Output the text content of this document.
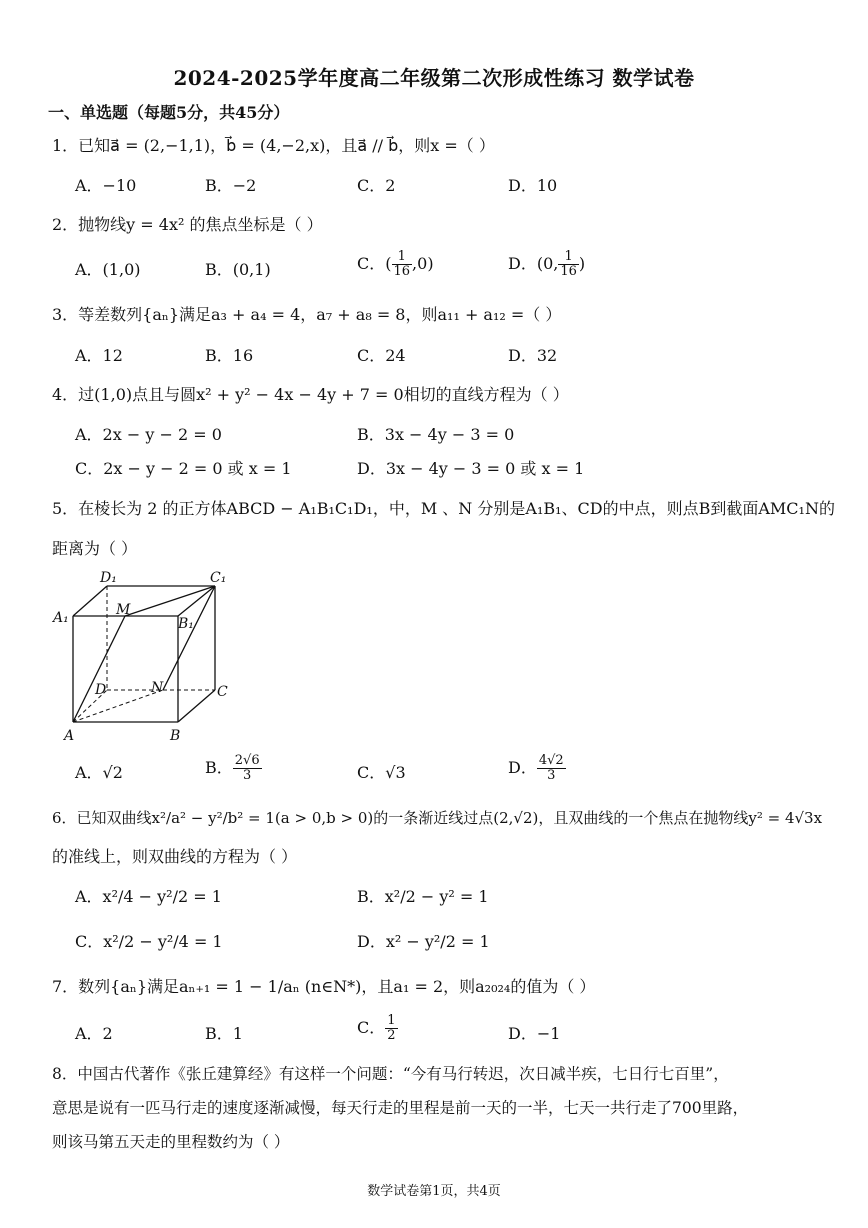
2024-2025学年度高二年级第二次形成性练习 数学试卷
一、单选题（每题5分，共45分）
1．已知a⃗ = (2,−1,1)，b⃗ = (4,−2,x)，且a⃗ // b⃗，则x =（ ）
A．−10	B．−2	C．2	D．10
2．抛物线y = 4x² 的焦点坐标是（ ）
A．(1,0)	B．(0,1)	C．( $\frac{1}{16} ,0$)	D．(0, $\frac{1}{16}$ )
3．等差数列{aₙ}满足a₃ + a₄ = 4，a₇ + a₈ = 8，则a₁₁ + a₁₂ =（ ）
A．12	B．16	C．24	D．32
4．过(1,0)点且与圆x² + y² − 4x − 4y + 7 = 0相切的直线方程为（ ）
A．2x − y − 2 = 0	B．3x − 4y − 3 = 0
C．2x − y − 2 = 0 或 x = 1	D．3x − 4y − 3 = 0 或 x = 1
5．在棱长为 2 的正方体ABCD − A₁B₁C₁D₁，中，M 、N 分别是A₁B₁、CD的中点，则点B到截面AMC₁N的
距离为（ ）
D₁	C₁
A₁	M
B₁
D	N	C
A	B
A．√2	B． $\frac{2√6}{3}$	C．√3	D． $\frac{4√2}{3}$
6．已知双曲线x²/a² − y²/b² = 1(a > 0,b > 0)的一条渐近线过点(2,√2)，且双曲线的一个焦点在抛物线y² = 4√3x
的准线上，则双曲线的方程为（ ）
A．x²/4 − y²/2 = 1	B．x²/2 − y² = 1
C．x²/2 − y²/4 = 1	D．x² − y²/2 = 1
7．数列{aₙ}满足aₙ₊₁ = 1 − 1/aₙ (n∈N*)，且a₁ = 2，则a₂₀₂₄的值为（ ）
A．2	B．1	C． $\frac{1}{2}$	D．−1
8．中国古代著作《张丘建算经》有这样一个问题：“今有马行转迟，次日减半疾，七日行七百里”，
意思是说有一匹马行走的速度逐渐减慢，每天行走的里程是前一天的一半，七天一共行走了700里路，
则该马第五天走的里程数约为（ ）
数学试卷第1页，共4页
